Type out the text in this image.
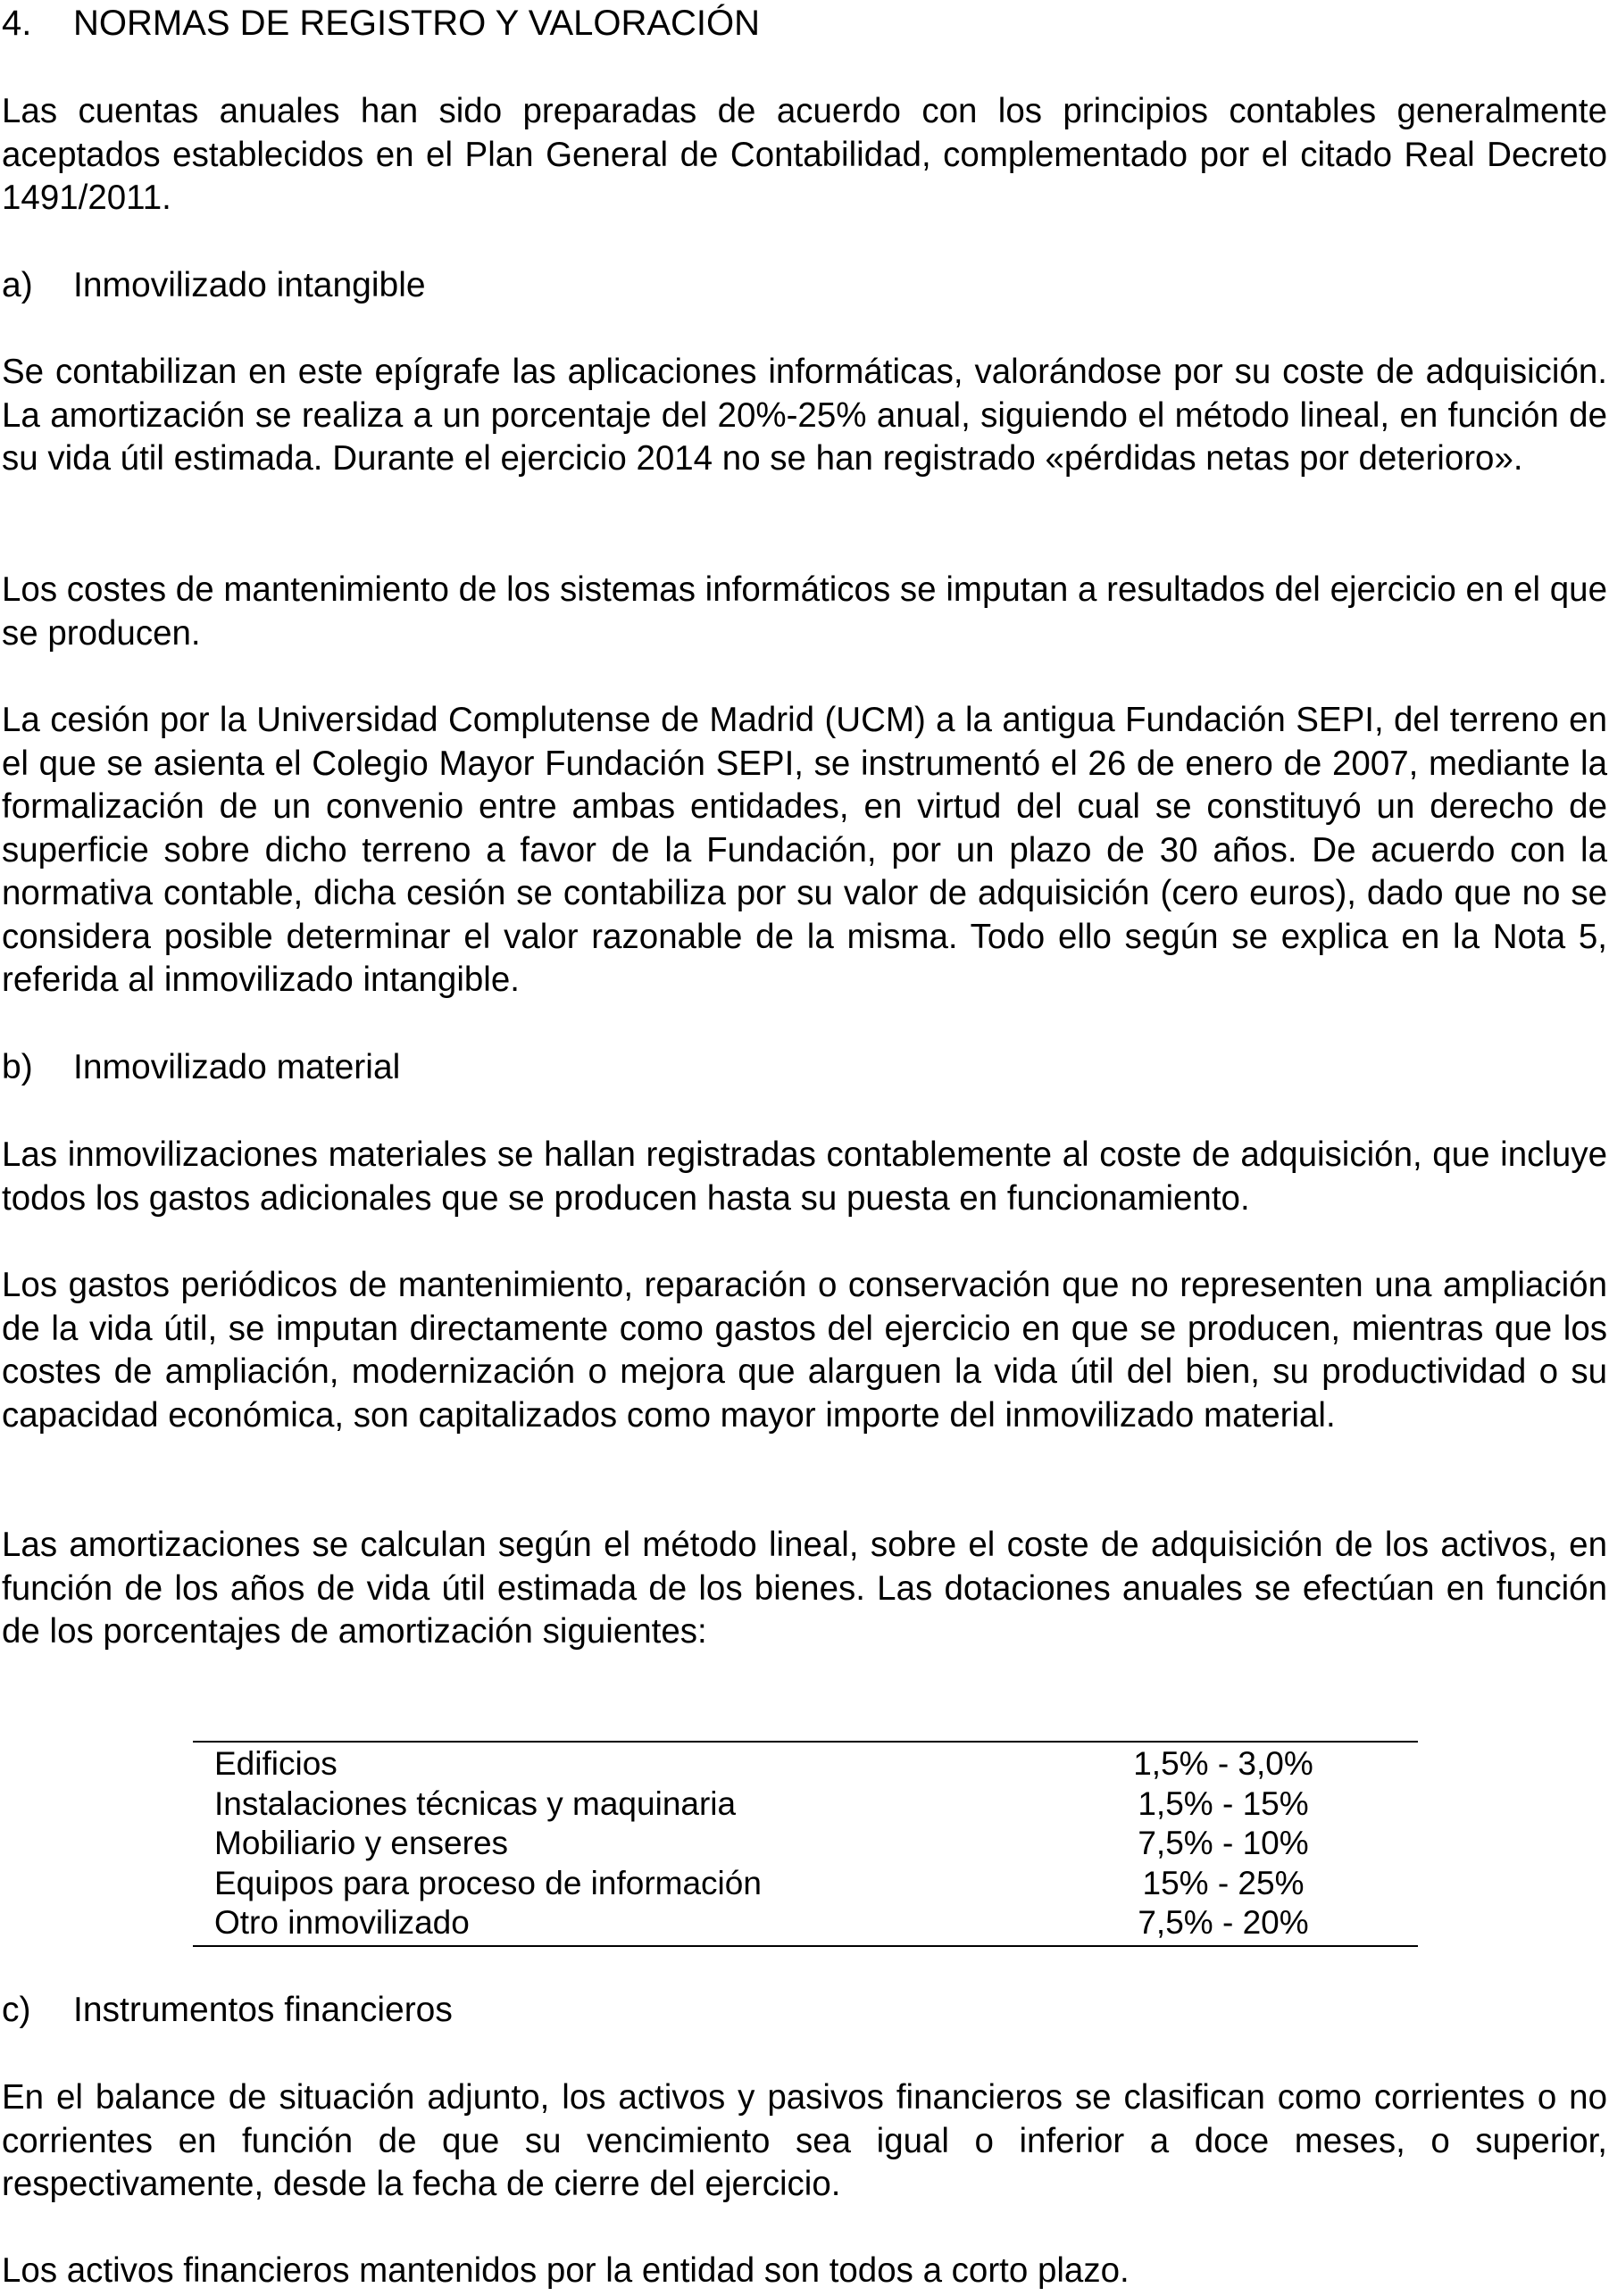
4. NORMAS DE REGISTRO Y VALORACIÓN

Las cuentas anuales han sido preparadas de acuerdo con los principios contables generalmente aceptados establecidos en el Plan General de Contabilidad, complementado por el citado Real Decreto 1491/2011.

a) Inmovilizado intangible

Se contabilizan en este epígrafe las aplicaciones informáticas, valorándose por su coste de adquisición. La amortización se realiza a un porcentaje del 20%-25% anual, siguiendo el método lineal, en función de su vida útil estimada. Durante el ejercicio 2014 no se han registrado «pérdidas netas por deterioro».

Los costes de mantenimiento de los sistemas informáticos se imputan a resultados del ejercicio en el que se producen.

La cesión por la Universidad Complutense de Madrid (UCM) a la antigua Fundación SEPI, del terreno en el que se asienta el Colegio Mayor Fundación SEPI, se instrumentó el 26 de enero de 2007, mediante la formalización de un convenio entre ambas entidades, en virtud del cual se constituyó un derecho de superficie sobre dicho terreno a favor de la Fundación, por un plazo de 30 años. De acuerdo con la normativa contable, dicha cesión se contabiliza por su valor de adquisición (cero euros), dado que no se considera posible determinar el valor razonable de la misma. Todo ello según se explica en la Nota 5, referida al inmovilizado intangible.

b) Inmovilizado material

Las inmovilizaciones materiales se hallan registradas contablemente al coste de adquisición, que incluye todos los gastos adicionales que se producen hasta su puesta en funcionamiento.

Los gastos periódicos de mantenimiento, reparación o conservación que no representen una ampliación de la vida útil, se imputan directamente como gastos del ejercicio en que se producen, mientras que los costes de ampliación, modernización o mejora que alarguen la vida útil del bien, su productividad o su capacidad económica, son capitalizados como mayor importe del inmovilizado material.

Las amortizaciones se calculan según el método lineal, sobre el coste de adquisición de los activos, en función de los años de vida útil estimada de los bienes. Las dotaciones anuales se efectúan en función de los porcentajes de amortización siguientes:

Edificios	1,5% - 3,0%
Instalaciones técnicas y maquinaria	1,5% - 15%
Mobiliario y enseres	7,5% - 10%
Equipos para proceso de información	15% - 25%
Otro inmovilizado	7,5% - 20%
c) Instrumentos financieros

En el balance de situación adjunto, los activos y pasivos financieros se clasifican como corrientes o no corrientes en función de que su vencimiento sea igual o inferior a doce meses, o superior, respectivamente, desde la fecha de cierre del ejercicio.

Los activos financieros mantenidos por la entidad son todos a corto plazo.
